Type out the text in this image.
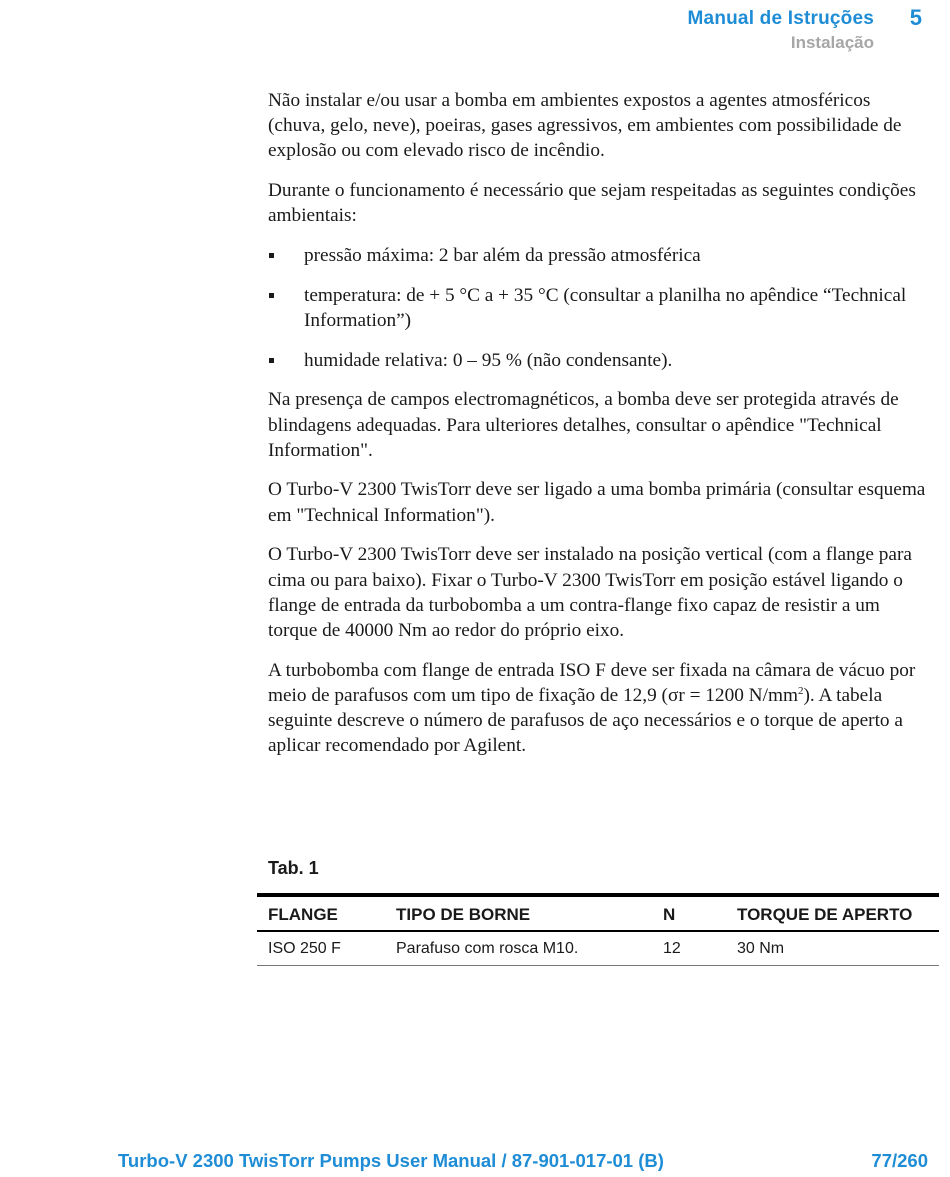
Manual de Istruções 5
Instalação

Não instalar e/ou usar a bomba em ambientes expostos a agentes atmosféricos (chuva, gelo, neve), poeiras, gases agressivos, em ambientes com possibilidade de explosão ou com elevado risco de incêndio.

Durante o funcionamento é necessário que sejam respeitadas as seguintes condições ambientais:

pressão máxima: 2 bar além da pressão atmosférica
temperatura: de + 5 °C a + 35 °C (consultar a planilha no apêndice “Technical Information”)
humidade relativa: 0 – 95 % (não condensante).

Na presença de campos electromagnéticos, a bomba deve ser protegida através de blindagens adequadas. Para ulteriores detalhes, consultar o apêndice "Technical Information".

O Turbo-V 2300 TwisTorr deve ser ligado a uma bomba primária (consultar esquema em "Technical Information").

O Turbo-V 2300 TwisTorr deve ser instalado na posição vertical (com a flange para cima ou para baixo). Fixar o Turbo-V 2300 TwisTorr em posição estável ligando o flange de entrada da turbobomba a um contra-flange fixo capaz de resistir a um torque de 40000 Nm ao redor do próprio eixo.

A turbobomba com flange de entrada ISO F deve ser fixada na câmara de vácuo por meio de parafusos com um tipo de fixação de 12,9 (σr = 1200 $N/mm^2$). A tabela seguinte descreve o número de parafusos de aço necessários e o torque de aperto a aplicar recomendado por Agilent.

Tab. 1
FLANGE	TIPO DE BORNE	N	TORQUE DE APERTO
ISO 250 F	Parafuso com rosca M10.	12	30 Nm
Turbo-V 2300 TwisTorr Pumps User Manual / 87-901-017-01 (B)	77/260
